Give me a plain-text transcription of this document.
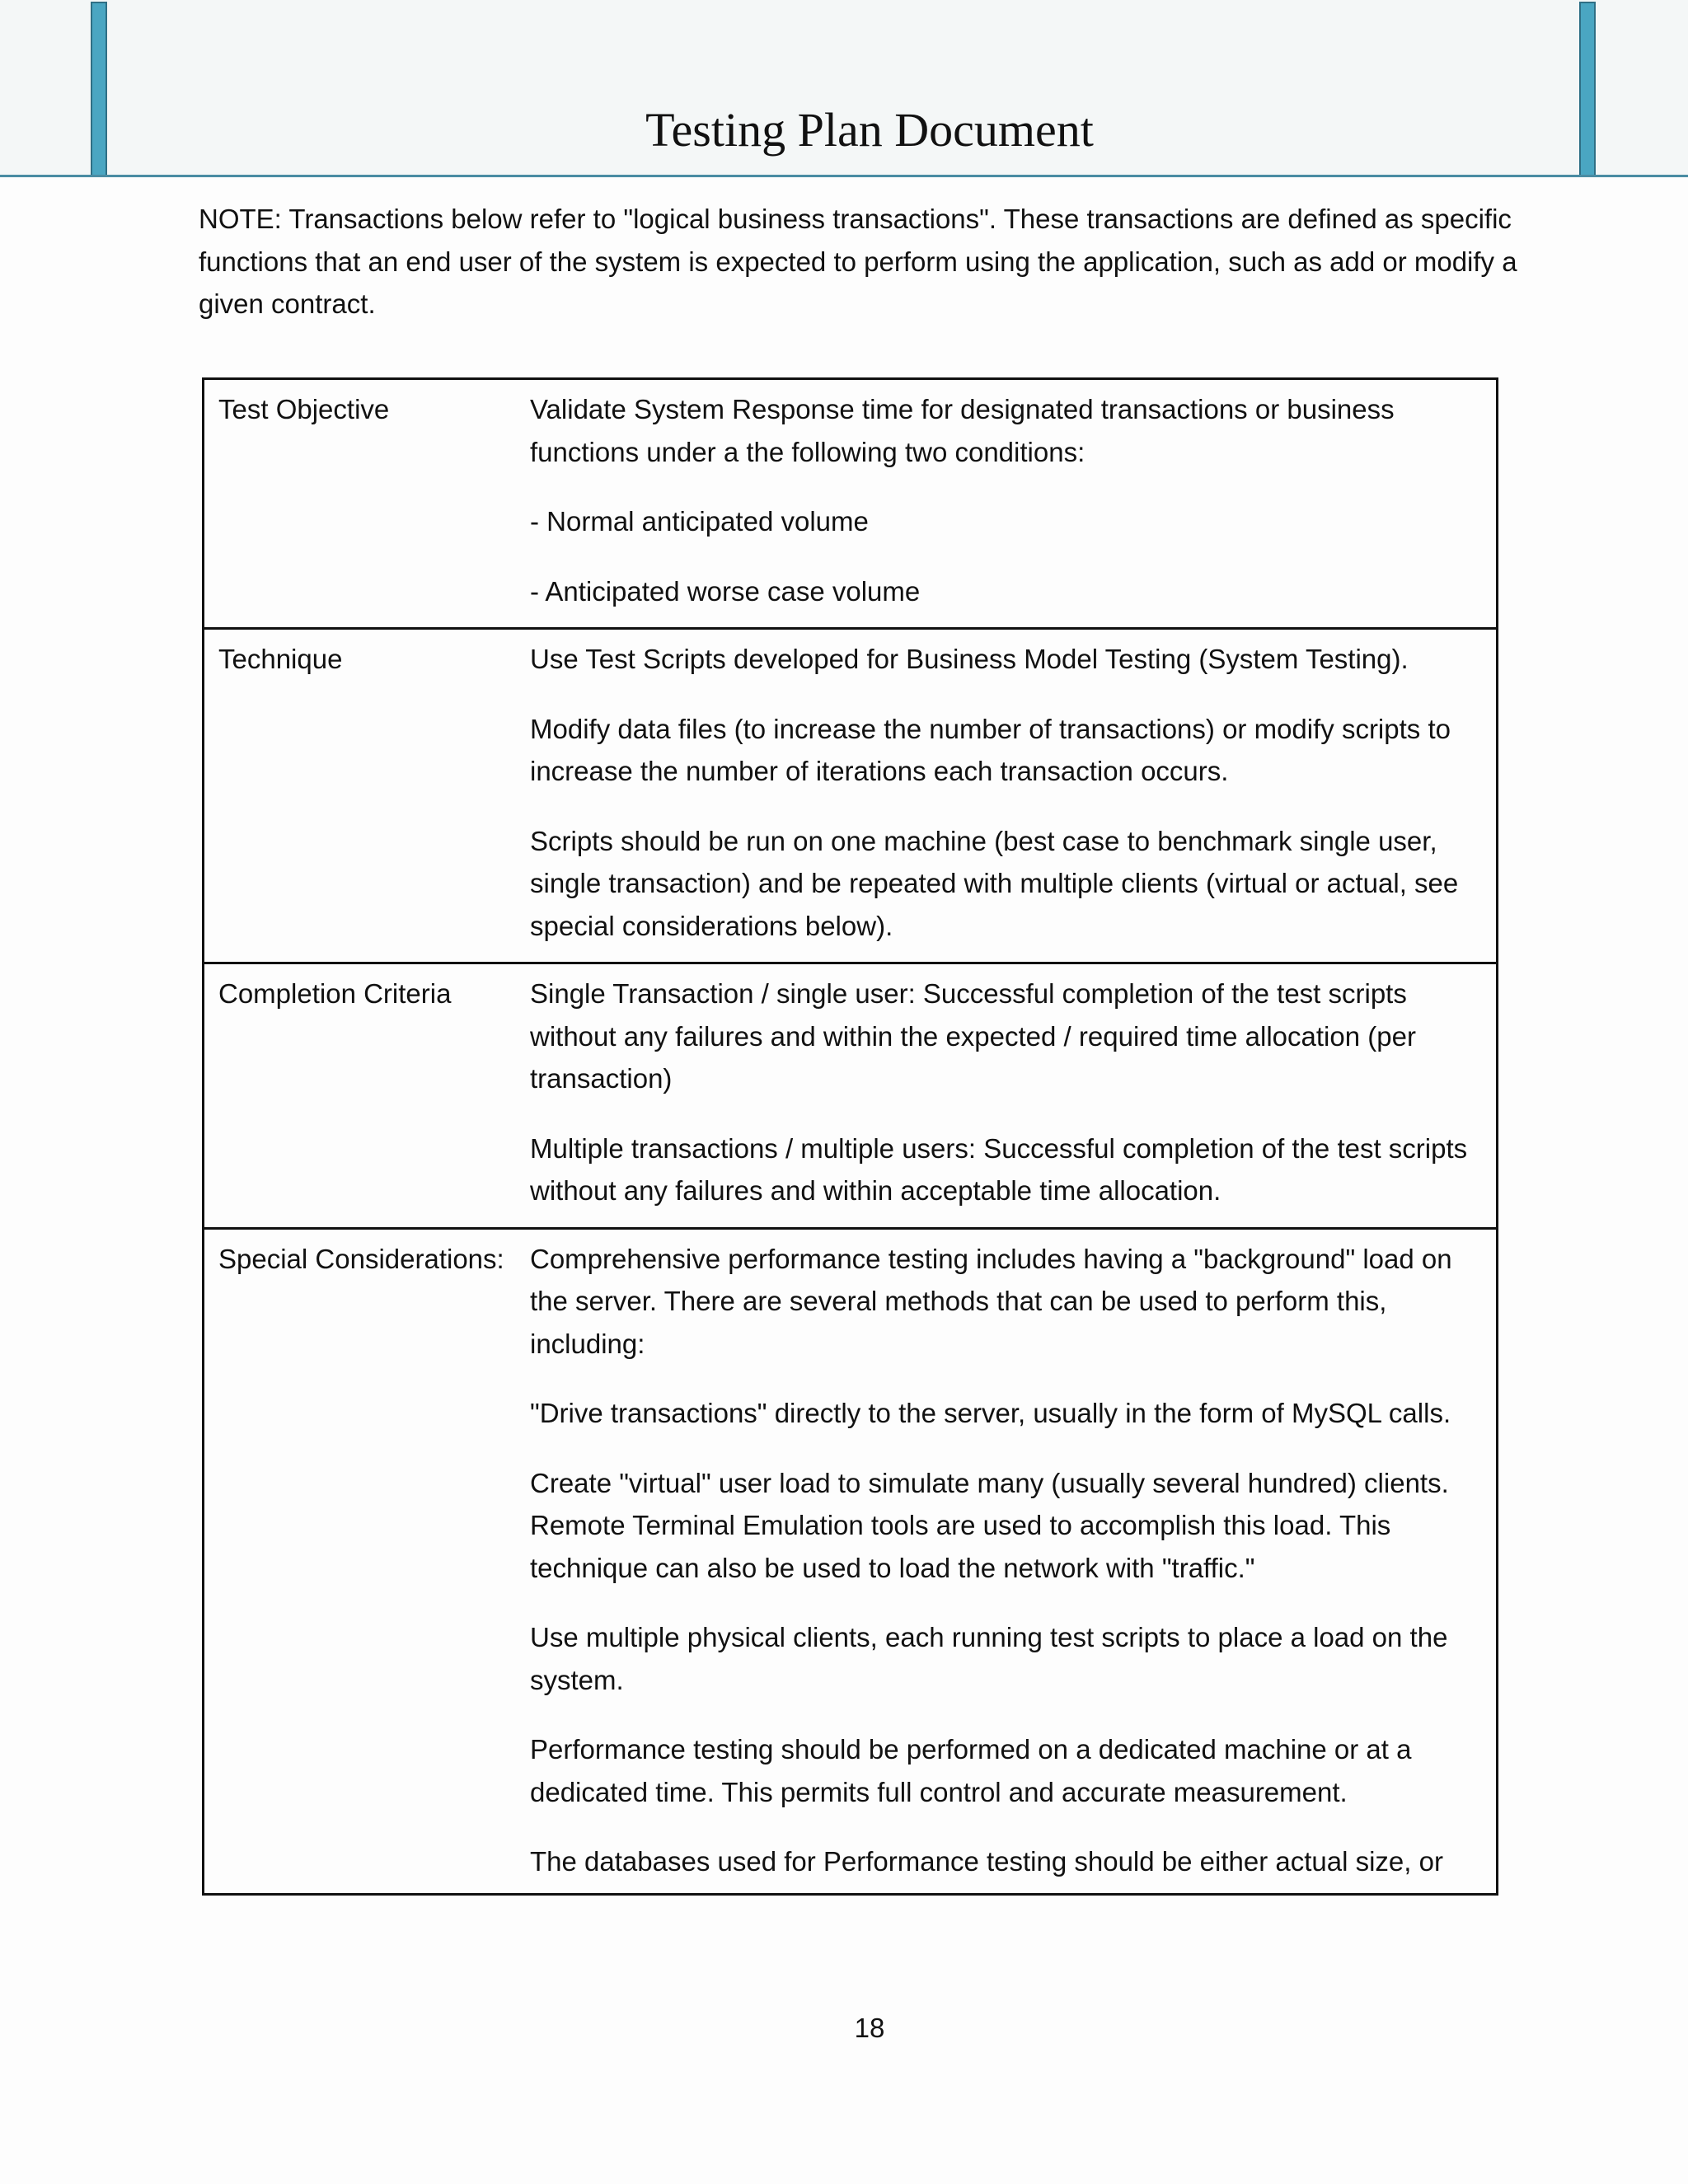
Testing Plan Document

NOTE: Transactions below refer to "logical business transactions". These transactions are defined as specific functions that an end user of the system is expected to perform using the application, such as add or modify a given contract.

Test Objective	Validate System Response time for designated transactions or business functions under a the following two conditions:

- Normal anticipated volume

- Anticipated worse case volume

Technique	Use Test Scripts developed for Business Model Testing (System Testing).

Modify data files (to increase the number of transactions) or modify scripts to increase the number of iterations each transaction occurs.

Scripts should be run on one machine (best case to benchmark single user, single transaction) and be repeated with multiple clients (virtual or actual, see special considerations below).

Completion Criteria	Single Transaction / single user: Successful completion of the test scripts without any failures and within the expected / required time allocation (per transaction)

Multiple transactions / multiple users: Successful completion of the test scripts without any failures and within acceptable time allocation.

Special Considerations: Comprehensive performance testing includes having a "background" load on the server. There are several methods that can be used to perform this, including:

"Drive transactions" directly to the server, usually in the form of MySQL calls.

Create "virtual" user load to simulate many (usually several hundred) clients. Remote Terminal Emulation tools are used to accomplish this load. This technique can also be used to load the network with "traffic."

Use multiple physical clients, each running test scripts to place a load on the system.

Performance testing should be performed on a dedicated machine or at a dedicated time. This permits full control and accurate measurement.

The databases used for Performance testing should be either actual size, or

18
